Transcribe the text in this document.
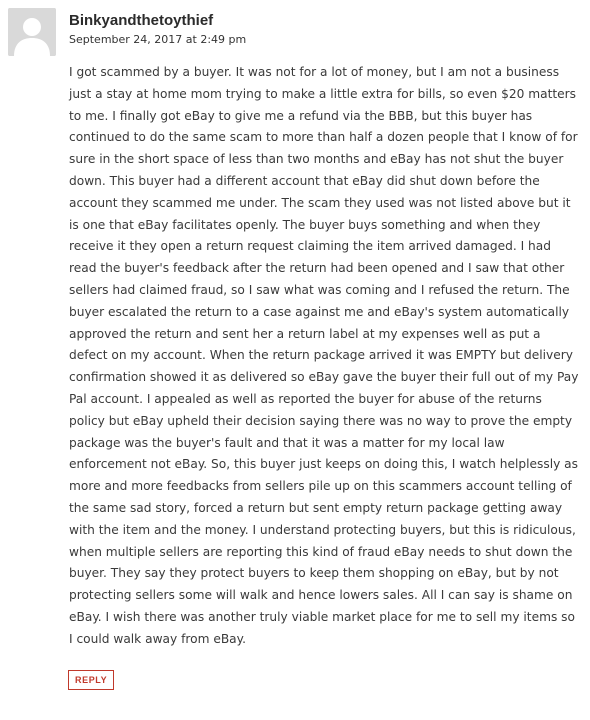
Binkyandthetoythief
September 24, 2017 at 2:49 pm

I got scammed by a buyer. It was not for a lot of money, but I am not a business just a stay at home mom trying to make a little extra for bills, so even $20 matters to me. I finally got eBay to give me a refund via the BBB, but this buyer has continued to do the same scam to more than half a dozen people that I know of for sure in the short space of less than two months and eBay has not shut the buyer down. This buyer had a different account that eBay did shut down before the account they scammed me under. The scam they used was not listed above but it is one that eBay facilitates openly. The buyer buys something and when they receive it they open a return request claiming the item arrived damaged. I had read the buyer's feedback after the return had been opened and I saw that other sellers had claimed fraud, so I saw what was coming and I refused the return. The buyer escalated the return to a case against me and eBay's system automatically approved the return and sent her a return label at my expenses well as put a defect on my account. When the return package arrived it was EMPTY but delivery confirmation showed it as delivered so eBay gave the buyer their full out of my Pay Pal account. I appealed as well as reported the buyer for abuse of the returns policy but eBay upheld their decision saying there was no way to prove the empty package was the buyer's fault and that it was a matter for my local law enforcement not eBay. So, this buyer just keeps on doing this, I watch helplessly as more and more feedbacks from sellers pile up on this scammers account telling of the same sad story, forced a return but sent empty return package getting away with the item and the money. I understand protecting buyers, but this is ridiculous, when multiple sellers are reporting this kind of fraud eBay needs to shut down the buyer. They say they protect buyers to keep them shopping on eBay, but by not protecting sellers some will walk and hence lowers sales. All I can say is shame on eBay. I wish there was another truly viable market place for me to sell my items so I could walk away from eBay.

REPLY
